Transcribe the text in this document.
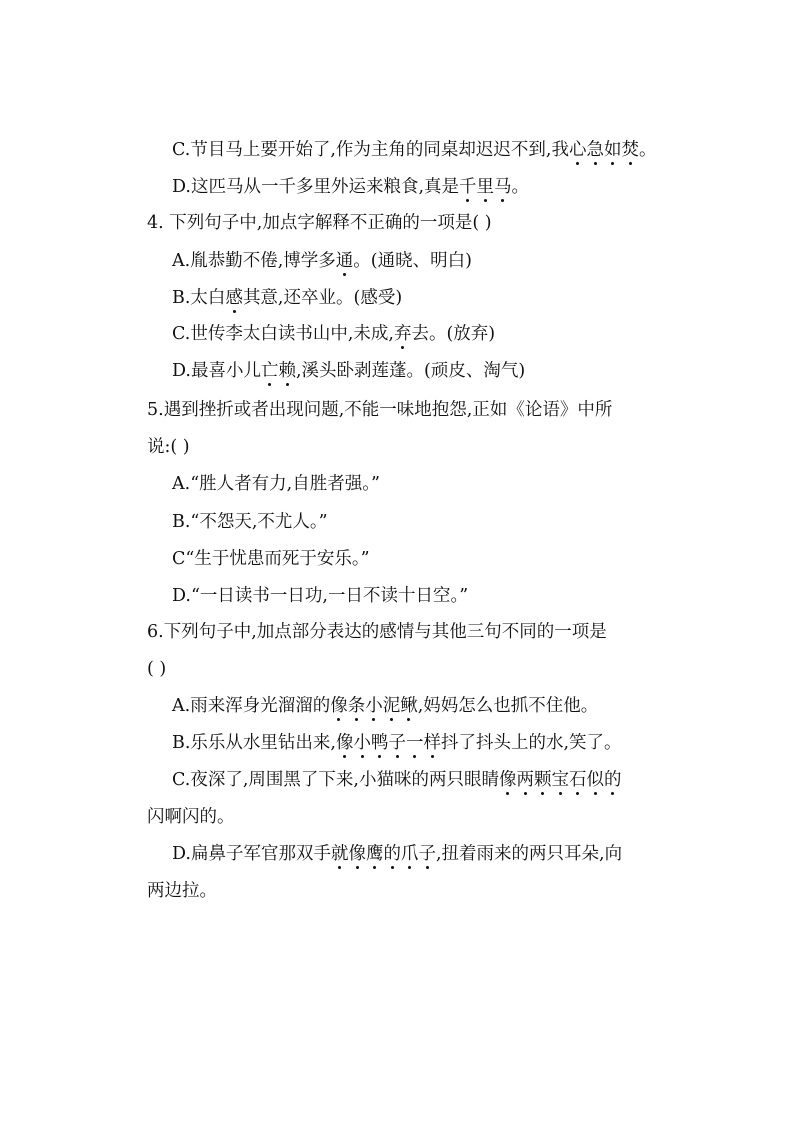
C.节目马上要开始了,作为主角的同桌却迟迟不到,我心急如焚。
D.这匹马从一千多里外运来粮食,真是千里马。
4. 下列句子中,加点字解释不正确的一项是( )
A.胤恭勤不倦,博学多通。(通晓、明白)
B.太白感其意,还卒业。(感受)
C.世传李太白读书山中,未成,弃去。(放弃)
D.最喜小儿亡赖,溪头卧剥莲蓬。(顽皮、淘气)
5.遇到挫折或者出现问题,不能一味地抱怨,正如《论语》中所
说:( )
A.“胜人者有力,自胜者强。”
B.“不怨天,不尤人。”
C“生于忧患而死于安乐。”
D.“一日读书一日功,一日不读十日空。”
6.下列句子中,加点部分表达的感情与其他三句不同的一项是
( )
A.雨来浑身光溜溜的像条小泥鳅,妈妈怎么也抓不住他。
B.乐乐从水里钻出来,像小鸭子一样抖了抖头上的水,笑了。
C.夜深了,周围黑了下来,小猫咪的两只眼睛像两颗宝石似的
闪啊闪的。
D.扁鼻子军官那双手就像鹰的爪子,扭着雨来的两只耳朵,向
两边拉。
